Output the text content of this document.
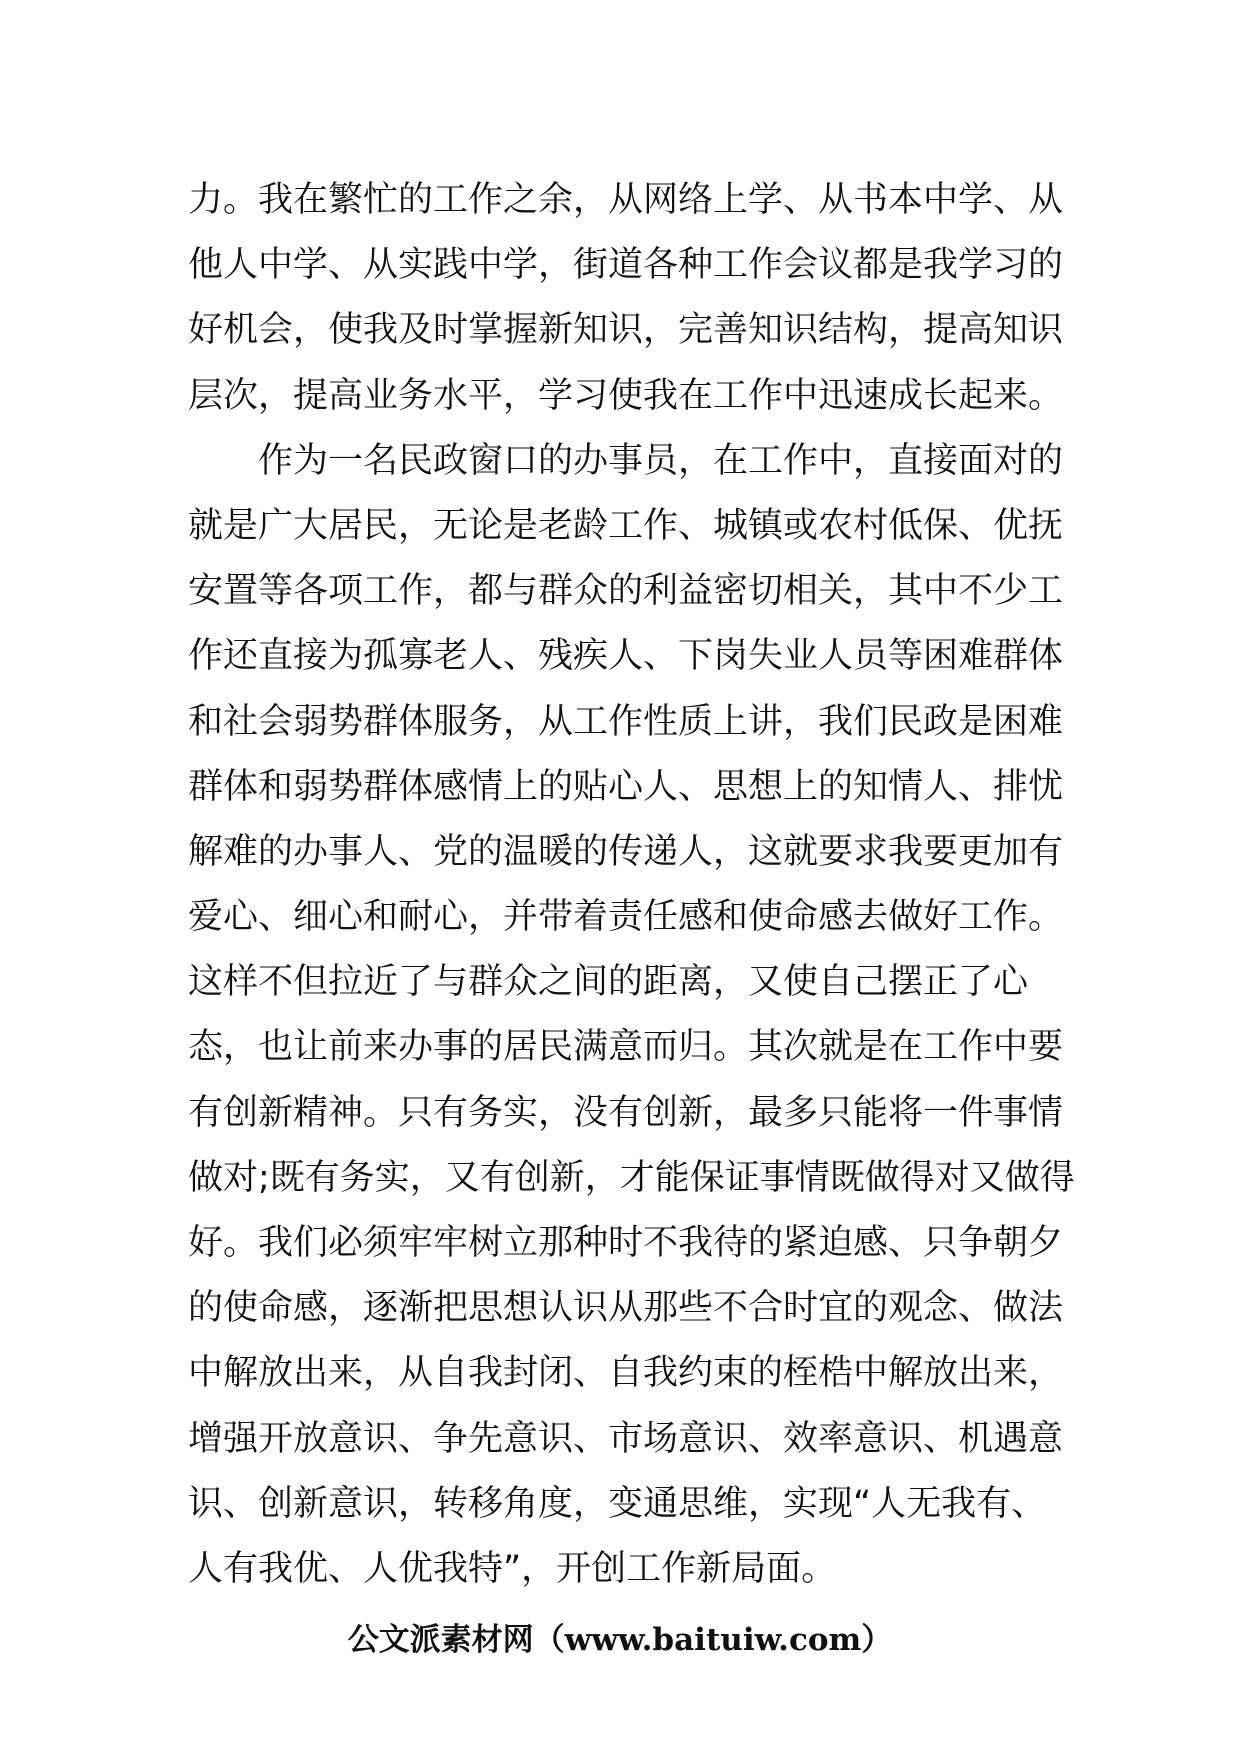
力。我在繁忙的工作之余，从网络上学、从书本中学、从
他人中学、从实践中学，街道各种工作会议都是我学习的
好机会，使我及时掌握新知识，完善知识结构，提高知识
层次，提高业务水平，学习使我在工作中迅速成长起来。
作为一名民政窗口的办事员，在工作中，直接面对的
就是广大居民，无论是老龄工作、城镇或农村低保、优抚
安置等各项工作，都与群众的利益密切相关，其中不少工
作还直接为孤寡老人、残疾人、下岗失业人员等困难群体
和社会弱势群体服务，从工作性质上讲，我们民政是困难
群体和弱势群体感情上的贴心人、思想上的知情人、排忧
解难的办事人、党的温暖的传递人，这就要求我要更加有
爱心、细心和耐心，并带着责任感和使命感去做好工作。
这样不但拉近了与群众之间的距离，又使自己摆正了心
态，也让前来办事的居民满意而归。其次就是在工作中要
有创新精神。只有务实，没有创新，最多只能将一件事情
做对;既有务实，又有创新，才能保证事情既做得对又做得
好。我们必须牢牢树立那种时不我待的紧迫感、只争朝夕
的使命感，逐渐把思想认识从那些不合时宜的观念、做法
中解放出来，从自我封闭、自我约束的桎梏中解放出来，
增强开放意识、争先意识、市场意识、效率意识、机遇意
识、创新意识，转移角度，变通思维，实现“人无我有、
人有我优、人优我特”，开创工作新局面。
公文派素材网（www.baituiw.com）
